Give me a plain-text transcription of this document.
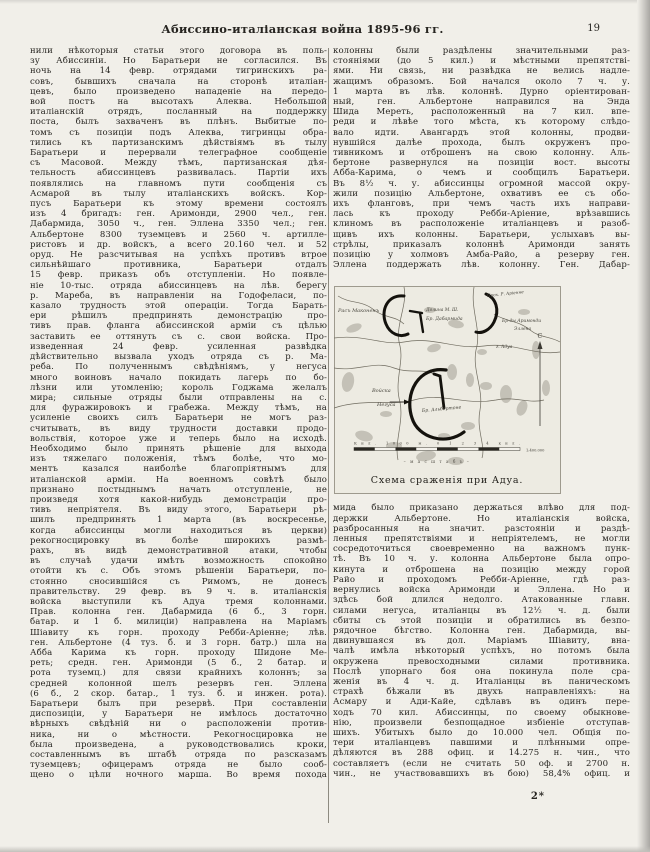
Абиссино-италіанская война 1895-96 гг.	19
нили нѣкоторыя статьи этого договора въ поль-
зу Абиссиніи. Но Баратьери не согласился. Въ
ночь на 14 февр. отрядами тигринскихъ ра-
совъ, бывшихъ сначала на сторонѣ италіан-
цевъ, было произведено нападеніе на передо-
вой постъ на высотахъ Алеква. Небольшой
италіанскій отрядъ, посланный на поддержку
поста, былъ захваченъ въ плѣнъ. Выбитые по-
томъ съ позиціи подъ Алеква, тигринцы обра-
тились къ партизанскимъ дѣйствіямъ въ тылу
Баратьери и перервали телеграфное сообщеніе
съ Масовой. Между тѣмъ, партизанская дѣя-
тельность абиссинцевъ развивалась. Партіи ихъ
появлялись на главномъ пути сообщенія съ
Асмарой въ тылу италіанскихъ войскъ. Кор-
пусъ Баратьери къ этому времени состоялъ
изъ 4 бригадъ: ген. Аримонди, 2900 чел., ген.
Дабармида, 3050 ч., ген. Эллена 3350 чел.; ген.
Альбертоне 8300 туземцевъ и 2560 ч. артилле-
ристовъ и др. войскъ, а всего 20.160 чел. и 52
оруд. Не разсчитывая на успѣхъ противъ втрое
сильнѣйшаго противника, Баратьери отдалъ
15 февр. приказъ объ отступленіи. Но появле-
ніе 10-тыс. отряда абиссинцевъ на лѣв. берегу
р. Мареба, въ направленіи на Годофеласи, по-
казало трудность этой операціи. Тогда Барать-
ери рѣшилъ предпринять демонстрацію про-
тивъ прав. фланга абиссинской арміи съ цѣлью
заставить ее оттянуть съ с. свои войска. Про-
изведенная 24 февр. усиленная развѣдка
дѣйствительно вызвала уходъ отряда съ р. Ма-
реба. По полученнымъ свѣдѣніямъ, у негуса
много воиновъ начало покидать лагерь по бо-
лѣзни или утомленію; король Годжама желалъ
мира; сильные отряды были отправлены на с.
для фуражировокъ и грабежа. Между тѣмъ, на
усиленіе своихъ силъ Баратьери не могъ раз-
считывать, въ виду трудности доставки продо-
вольствія, которое уже и теперь было на исходѣ.
Необходимо было принять рѣшеніе для выхода
изъ тяжелаго положенія, тѣмъ болѣе, что мо-
ментъ казался наиболѣе благопріятнымъ для
италіанской арміи. На военномъ совѣтѣ было
признано постыднымъ начать отступленіе, не
произведя хотя какой-нибудь демонстраціи про-
тивъ непріятеля. Въ виду этого, Баратьери рѣ-
шилъ предпринять 1 марта (въ воскресенье,
когда абиссинцы могли находиться въ церкви)
рекогносцировку въ болѣе широкихъ размѣ-
рахъ, въ видѣ демонстративной атаки, чтобы
въ случаѣ удачи имѣть возможность спокойно
отойти къ с. Объ этомъ рѣшеніи Баратьери, по-
стоянно сносившійся съ Римомъ, не донесъ
правительству. 29 февр. въ 9 ч. в. италіанскія
войска выступили къ Адуа тремя колоннами.
Прав. колонна ген. Дабармида (6 б., 3 горн.
батар. и 1 б. милиціи) направлена на Маріамъ
Шіавиту къ горн. проходу Ребби-Аріенне; лѣв.
ген. Альбертоне (4 туз. б. и 3 горн. батр.) шла на
Абба Карима къ горн. проходу Шидоне Ме-
реть; средн. ген. Аримонди (5 б., 2 батар. и
рота туземц.) для связи крайнихъ колоннъ; за
средней колонной шелъ резервъ ген. Эллена
(6 б., 2 скор. батар., 1 туз. б. и инжен. рота).
Баратьери былъ при резервѣ. При составленіи
диспозиціи, у Баратьери не имѣлось достаточно
вѣрныхъ свѣдѣній ни о расположеніи против-
ника, ни о мѣстности. Рекогносцировка не
была произведена, а руководствовались кроки,
составленнымъ въ штабѣ отряда по разсказамъ
туземцевъ; офицерамъ отряда не было сооб-
щено о цѣли ночного марша. Во время похода
колонны были раздѣлены значительными раз-
стояніями (до 5 кил.) и мѣстными препятстві-
ями. Ни связь, ни развѣдка не велись надле-
жащимъ образомъ. Бой начался около 7 ч. у.
1 марта въ лѣв. колоннѣ. Дурно оріентирован-
ный, ген. Альбертоне направился на Энда
Шида Мереть, расположенный на 7 кил. впе-
реди и лѣвѣе того мѣста, къ которому слѣдо-
вало идти. Авангардъ этой колонны, продви-
нувшійся далѣе прохода, былъ окруженъ про-
тивникомъ и отброшенъ на свою колонну. Аль-
бертоне развернулся на позиціи вост. высоты
Абба-Карима, о чемъ и сообщилъ Баратьери.
Въ 8½ ч. у. абиссинцы огромной массой окру-
жили позицію Альбертоне, охвативъ ее съ обо-
ихъ фланговъ, при чемъ часть ихъ направи-
лась къ проходу Ребби-Аріение, врѣзавшись
клиномъ въ расположеніе италіанцевъ и разоб-
щивъ ихъ колонны. Баратьери, услыхавъ вы-
стрѣлы, приказалъ колоннѣ Аримонди занять
позицію у холмовъ Амба-Райо, а резерву ген.
Эллена поддержать лѣв. колонну. Ген. Дабар-
С
Кил. 1000 м. 0 1 2 3 4 кил.
1:400.000
– м а с ш т а б ъ –
Расъ Маконенъ	Долина М. Ш.
Бр. Дабармида
Прох. Р. Аріенне
Бр-ды Аримонди
Эллена
г. Адуа
Войска
Негуса
Бр. Альбертоне
Схема сраженія при Адуа.
мида было приказано держаться влѣво для под-
держки Альбертоне. Но италіанскія войска,
разбросанныя на значит. разстояніи и раздѣ-
ленныя препятствіями и непріятелемъ, не могли
сосредоточиться своевременно на важномъ пунк-
тѣ. Въ 10 ч. у. колонна Альбертоне была опро-
кинута и отброшена на позицію между горой
Райо и проходомъ Ребби-Аріенне, гдѣ раз-
вернулись войска Аримонди и Эллена. Но и
здѣсь бой длился недолго. Атакованные главн.
силами негуса, италіанцы въ 12½ ч. д. были
сбиты съ этой позиціи и обратились въ безпо-
рядочное бѣгство. Колонна ген. Дабармида, вы-
двинувшаяся въ дол. Маріамъ Шіавиту, вна-
чалѣ имѣла нѣкоторый успѣхъ, но потомъ была
окружена превосходными силами противника.
Послѣ упорнаго боя она покинула поле сра-
женія въ 4 ч. д. Италіанцы въ паническомъ
страхѣ бѣжали въ двухъ направленіяхъ: на
Асмару и Ади-Кайе, сдѣлавъ въ одинъ пере-
ходъ 70 кил. Абиссинцы, по своему обыкнове-
нію, произвели безпощадное избіеніе отступав-
шихъ. Убитыхъ было до 10.000 чел. Общія по-
тери италіанцевъ павшими и плѣнными опре-
дѣляются въ 288 офиц. и 14.275 н. чин., что
составляетъ (если не считать 50 оф. и 2700 н.
чин., не участвовавшихъ въ бою) 58,4% офиц. и
2*
